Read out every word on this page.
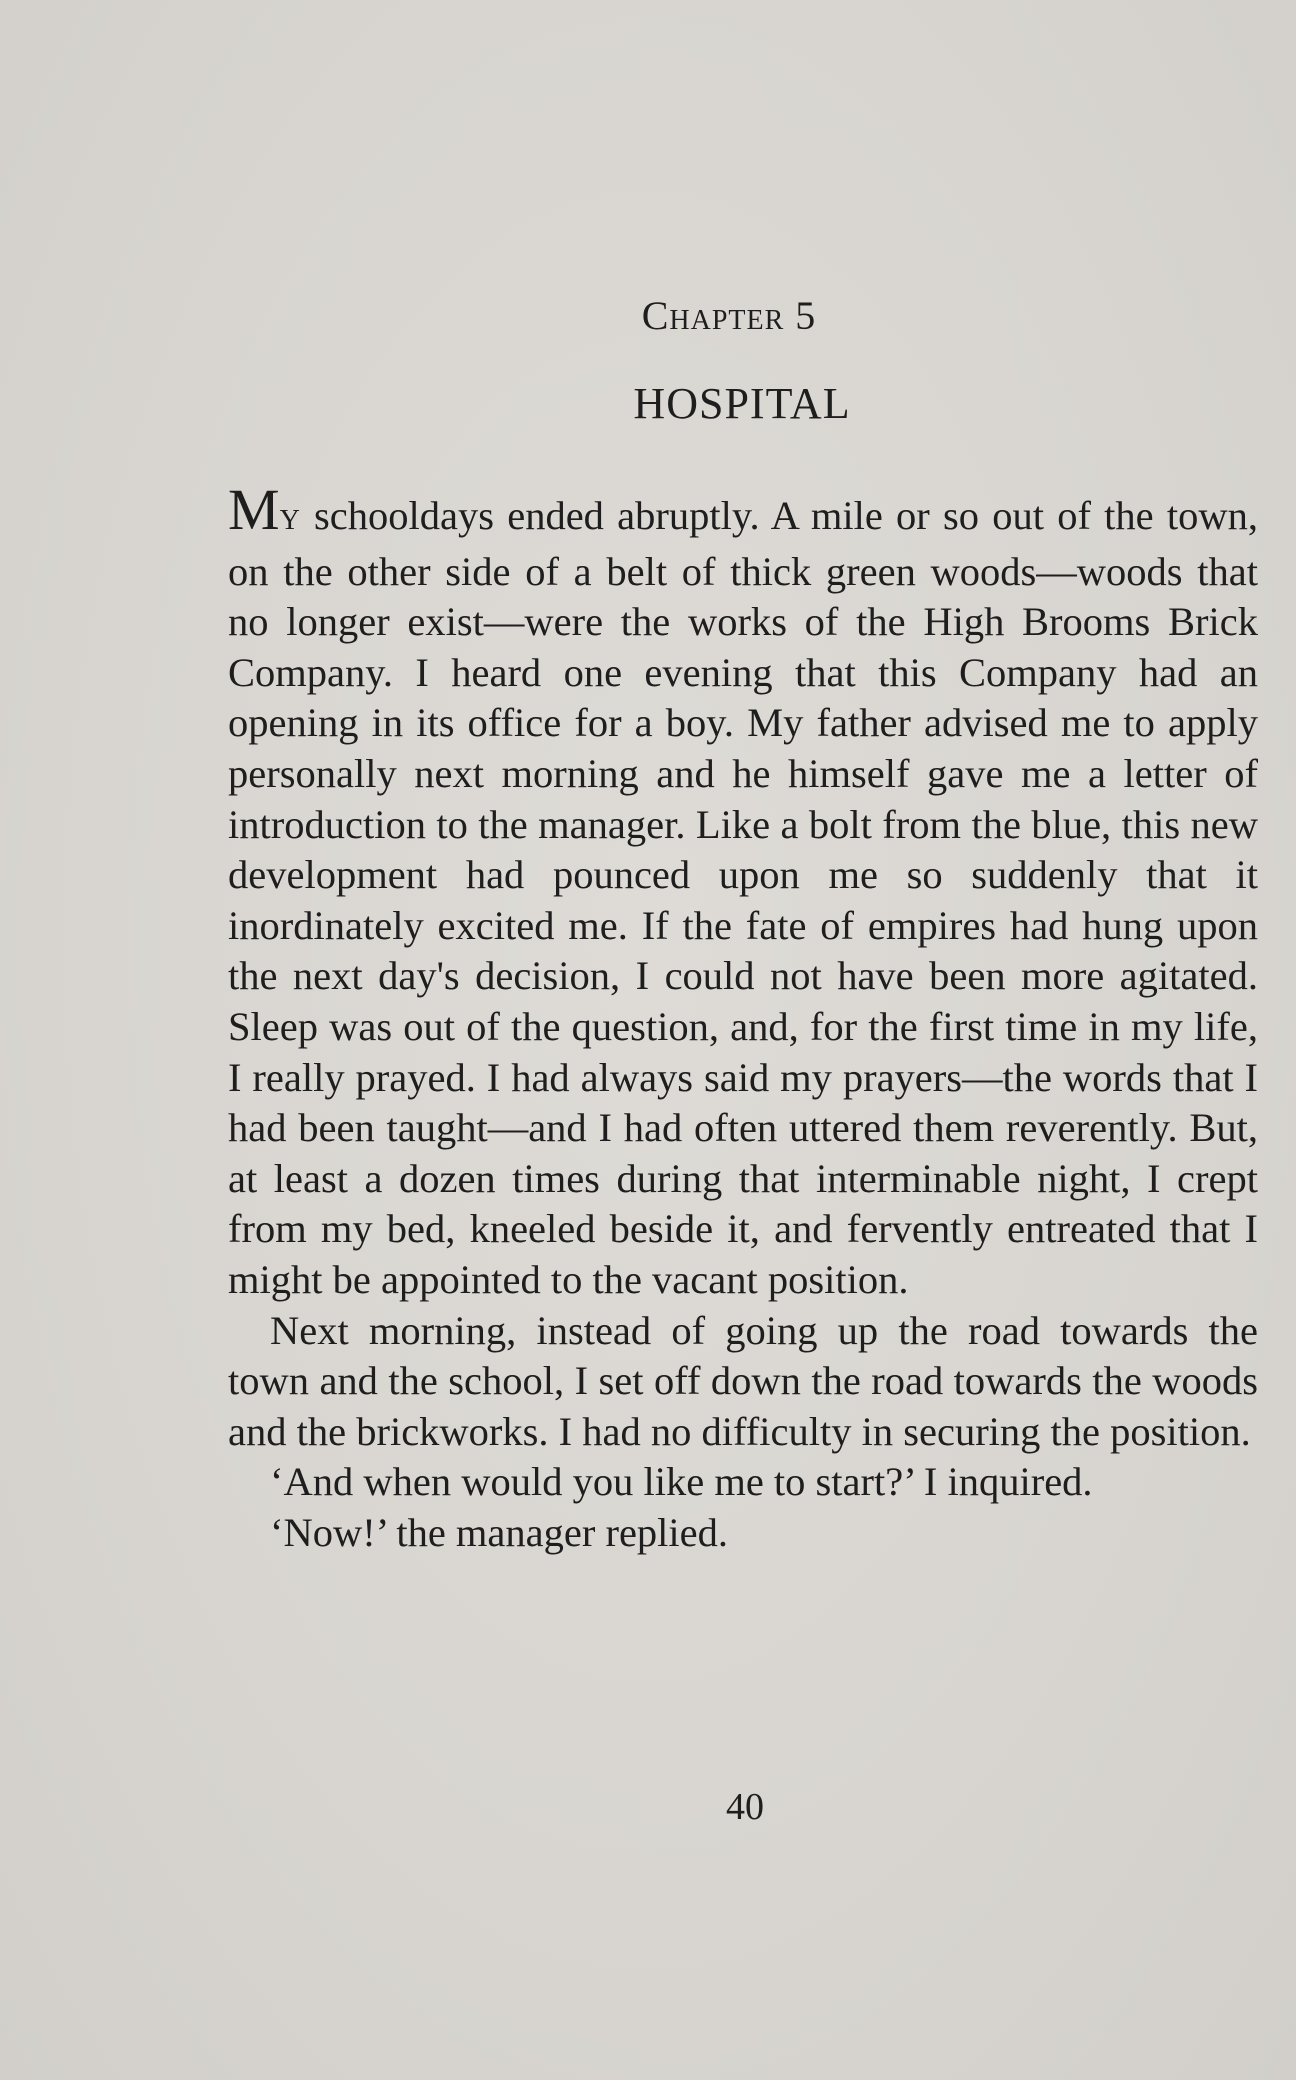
Chapter 5
HOSPITAL

MY schooldays ended abruptly. A mile or so out of the town, on the other side of a belt of thick green woods—woods that no longer exist—were the works of the High Brooms Brick Company. I heard one evening that this Company had an opening in its office for a boy. My father advised me to apply personally next morning and he himself gave me a letter of introduction to the manager. Like a bolt from the blue, this new development had pounced upon me so suddenly that it inordinately excited me. If the fate of empires had hung upon the next day's decision, I could not have been more agitated. Sleep was out of the question, and, for the first time in my life, I really prayed. I had always said my prayers—the words that I had been taught—and I had often uttered them reverently. But, at least a dozen times during that interminable night, I crept from my bed, kneeled beside it, and fervently entreated that I might be appointed to the vacant position.

Next morning, instead of going up the road towards the town and the school, I set off down the road towards the woods and the brickworks. I had no difficulty in securing the position.

‘And when would you like me to start?’ I inquired.

‘Now!’ the manager replied.

40
